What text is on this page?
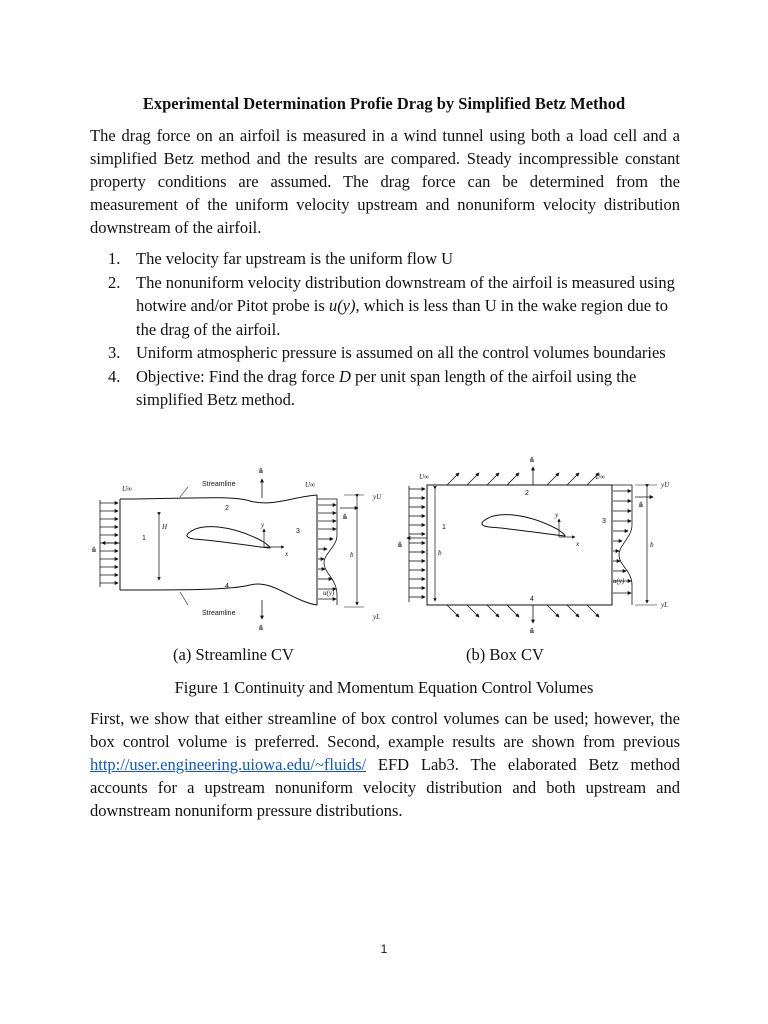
Experimental Determination Profie Drag by Simplified Betz Method

The drag force on an airfoil is measured in a wind tunnel using both a load cell and a simplified Betz method and the results are compared. Steady incompressible constant property conditions are assumed. The drag force can be determined from the measurement of the uniform velocity upstream and nonuniform velocity distribution downstream of the airfoil.

1. The velocity far upstream is the uniform flow U
2. The nonuniform velocity distribution downstream of the airfoil is measured using hotwire and/or Pitot probe is u(y), which is less than U in the wake region due to the drag of the airfoil.
3. Uniform atmospheric pressure is assumed on all the control volumes boundaries
4. Objective: Find the drag force D per unit span length of the airfoil using the simplified Betz method.
Streamline
Streamline
U∞	U∞
n̂
n̂
n̂
n̂
1
2
3
4
H
b
y
x
u(y)
yU
yL
U∞	U∞
n̂
n̂
n̂
n̂
1
2
3
4
b
b
y
x
u(y)
yU
yL
(a) Streamline CV	(b) Box CV
Figure 1 Continuity and Momentum Equation Control Volumes

First, we show that either streamline of box control volumes can be used; however, the box control volume is preferred. Second, example results are shown from previous http://user.engineering.uiowa.edu/~fluids/ EFD Lab3. The elaborated Betz method accounts for a upstream nonuniform velocity distribution and both upstream and downstream nonuniform pressure distributions.

1
